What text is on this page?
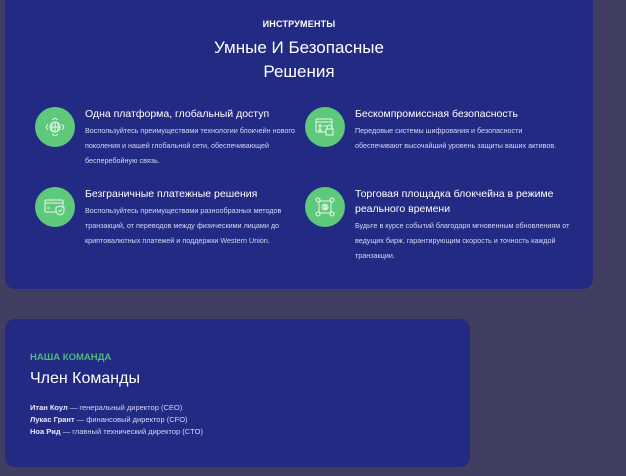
ИНСТРУМЕНТЫ
Умные И Безопасные
Решения
Одна платформа, глобальный доступ
Воспользуйтесь преимуществами технологии блокчейн нового поколения и нашей глобальной сети, обеспечивающей бесперебойную связь.
Бескомпромиссная безопасность
Передовые системы шифрования и безопасности обеспечивают высочайший уровень защиты ваших активов.
Безграничные платежные решения
Воспользуйтесь преимуществами разнообразных методов транзакций, от переводов между физическими лицами до криптовалютных платежей и поддержки Western Union.
Торговая площадка блокчейна в режиме реального времени
Будьте в курсе событий благодаря мгновенным обновлениям от ведущих бирж, гарантирующим скорость и точность каждой транзакции.
НАША КОМАНДА
Член Команды
Итан Коул — генеральный директор (CEO)
Лукас Грант — финансовый директор (CFO)
Ноа Рид — главный технический директор (CTO)
